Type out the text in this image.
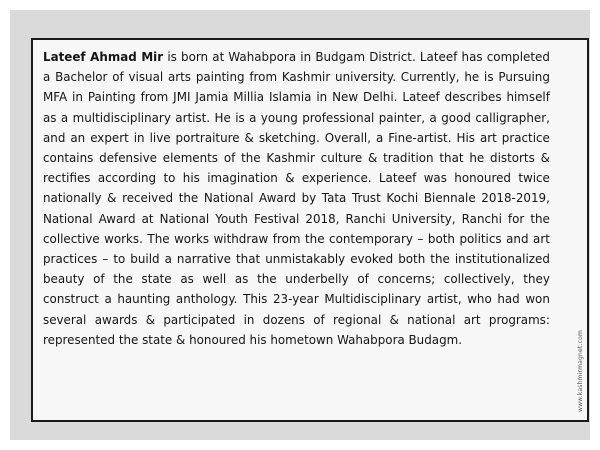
Lateef Ahmad Mir is born at Wahabpora in Budgam District. Lateef has completed a Bachelor of visual arts painting from Kashmir university. Currently, he is Pursuing MFA in Painting from JMI Jamia Millia Islamia in New Delhi. Lateef describes himself as a multidisciplinary artist. He is a young professional painter, a good calligrapher, and an expert in live portraiture & sketching. Overall, a Fine-artist. His art practice contains defensive elements of the Kashmir culture & tradition that he distorts & rectifies according to his imagination & experience. Lateef was honoured twice nationally & received the National Award by Tata Trust Kochi Biennale 2018-2019, National Award at National Youth Festival 2018, Ranchi University, Ranchi for the collective works. The works withdraw from the contemporary – both politics and art practices – to build a narrative that unmistakably evoked both the institutionalized beauty of the state as well as the underbelly of concerns; collectively, they construct a haunting anthology. This 23-year Multidisciplinary artist, who had won several awards & participated in dozens of regional & national art programs: represented the state & honoured his hometown Wahabpora Budagm.	www.kashmirmagnet.com
